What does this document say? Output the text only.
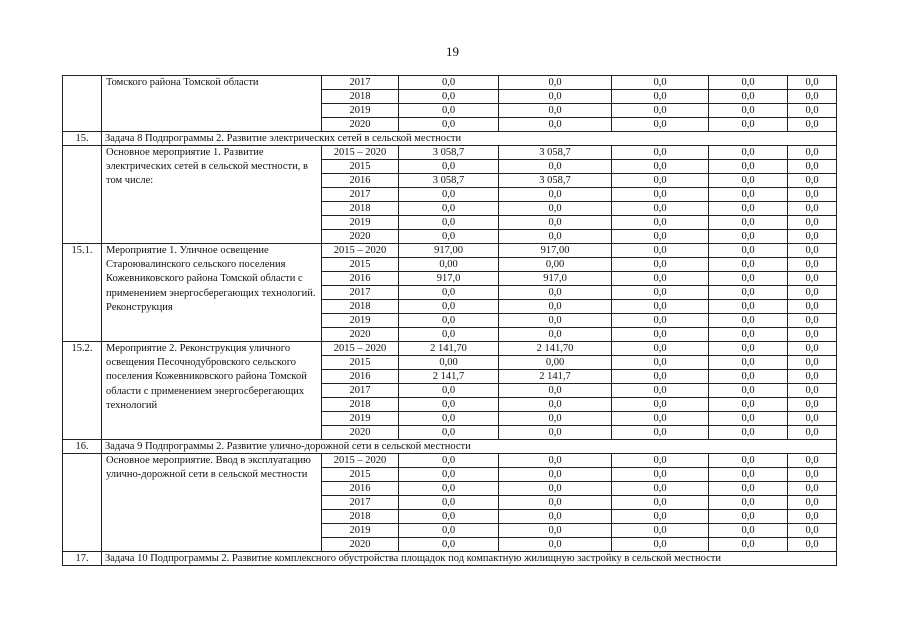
19
	Томского района Томской области	2017	0,0	0,0	0,0	0,0	0,0
		2018	0,0	0,0	0,0	0,0	0,0
		2019	0,0	0,0	0,0	0,0	0,0
		2020	0,0	0,0	0,0	0,0	0,0
15.	Задача 8 Подпрограммы 2. Развитие электрических сетей в сельской местности						
	Основное мероприятие 1. Развитие электрических сетей в сельской местности, в том числе:	2015 – 2020	3 058,7	3 058,7	0,0	0,0	0,0
		2015	0,0	0,0	0,0	0,0	0,0
		2016	3 058,7	3 058,7	0,0	0,0	0,0
		2017	0,0	0,0	0,0	0,0	0,0
		2018	0,0	0,0	0,0	0,0	0,0
		2019	0,0	0,0	0,0	0,0	0,0
		2020	0,0	0,0	0,0	0,0	0,0
15.1.	Мероприятие 1. Уличное освещение Староювалинского сельского поселения Кожевниковского района Томской области с применением энергосберегающих технологий. Реконструкция	2015 – 2020	917,00	917,00	0,0	0,0	0,0
		2015	0,00	0,00	0,0	0,0	0,0
		2016	917,0	917,0	0,0	0,0	0,0
		2017	0,0	0,0	0,0	0,0	0,0
		2018	0,0	0,0	0,0	0,0	0,0
		2019	0,0	0,0	0,0	0,0	0,0
		2020	0,0	0,0	0,0	0,0	0,0
15.2.	Мероприятие 2. Реконструкция уличного освещения Песочнодубровского сельского поселения Кожевниковского района Томской области с применением энергосберегающих технологий	2015 – 2020	2 141,70	2 141,70	0,0	0,0	0,0
		2015	0,00	0,00	0,0	0,0	0,0
		2016	2 141,7	2 141,7	0,0	0,0	0,0
		2017	0,0	0,0	0,0	0,0	0,0
		2018	0,0	0,0	0,0	0,0	0,0
		2019	0,0	0,0	0,0	0,0	0,0
		2020	0,0	0,0	0,0	0,0	0,0
16.	Задача 9 Подпрограммы 2. Развитие улично-дорожной сети в сельской местности						
	Основное мероприятие. Ввод в эксплуатацию улично-дорожной сети в сельской местности	2015 – 2020	0,0	0,0	0,0	0,0	0,0
		2015	0,0	0,0	0,0	0,0	0,0
		2016	0,0	0,0	0,0	0,0	0,0
		2017	0,0	0,0	0,0	0,0	0,0
		2018	0,0	0,0	0,0	0,0	0,0
		2019	0,0	0,0	0,0	0,0	0,0
		2020	0,0	0,0	0,0	0,0	0,0
17.	Задача 10 Подпрограммы 2. Развитие комплексного обустройства площадок под компактную жилищную застройку в сельской местности						
